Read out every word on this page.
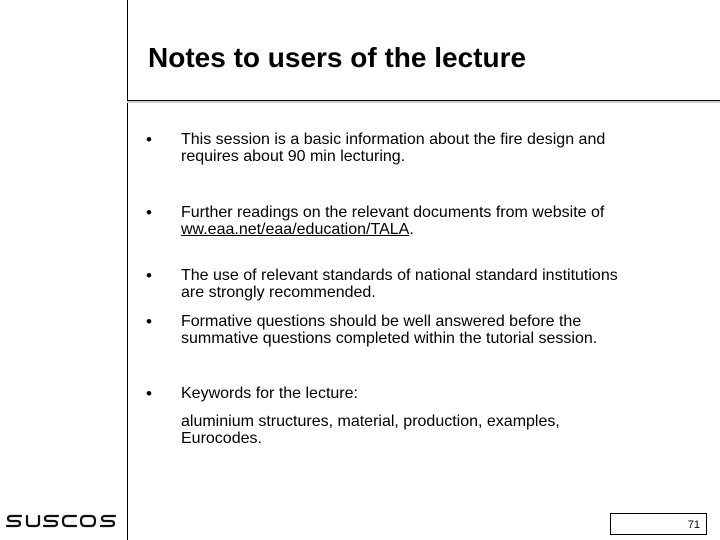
Notes to users of the lecture
• This session is a basic information about the fire design and
requires about 90 min lecturing.
• Further readings on the relevant documents from website of
ww.eaa.net/eaa/education/TALA.
• The use of relevant standards of national standard institutions
are strongly recommended.
• Formative questions should be well answered before the
summative questions completed within the tutorial session.
• Keywords for the lecture:
aluminium structures, material, production, examples,
Eurocodes.
71
